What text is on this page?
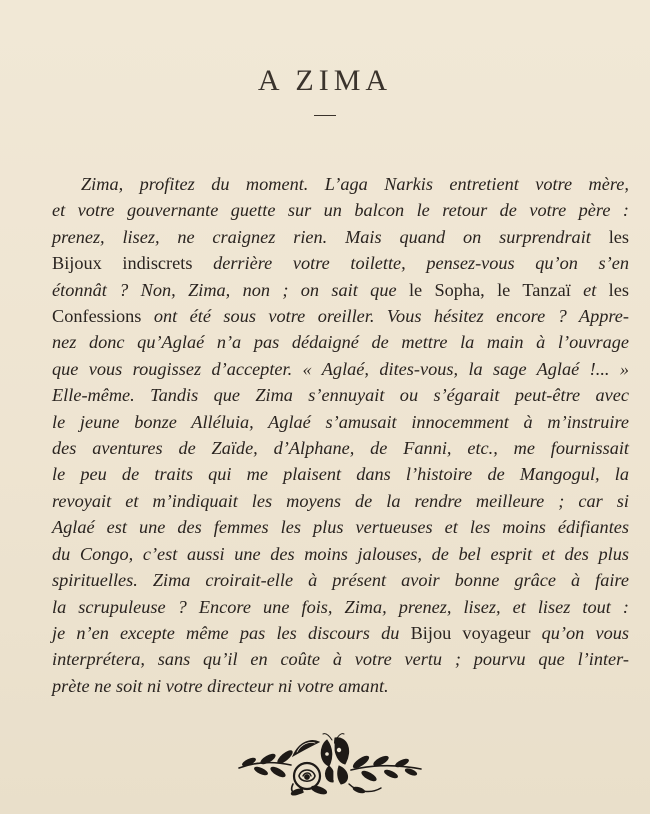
A ZIMA
Zima, profitez du moment. L’aga Narkis entretient votre mère,
et votre gouvernante guette sur un balcon le retour de votre père :
prenez, lisez, ne craignez rien. Mais quand on surprendrait les
Bijoux indiscrets derrière votre toilette, pensez-vous qu’on s’en
étonnât ? Non, Zima, non ; on sait que le Sopha, le Tanzaï et les
Confessions ont été sous votre oreiller. Vous hésitez encore ? Appre-
nez donc qu’Aglaé n’a pas dédaigné de mettre la main à l’ouvrage
que vous rougissez d’accepter. « Aglaé, dites-vous, la sage Aglaé !... »
Elle-même. Tandis que Zima s’ennuyait ou s’égarait peut-être avec
le jeune bonze Alléluia, Aglaé s’amusait innocemment à m’instruire
des aventures de Zaïde, d’Alphane, de Fanni, etc., me fournissait
le peu de traits qui me plaisent dans l’histoire de Mangogul, la
revoyait et m’indiquait les moyens de la rendre meilleure ; car si
Aglaé est une des femmes les plus vertueuses et les moins édifiantes
du Congo, c’est aussi une des moins jalouses, de bel esprit et des plus
spirituelles. Zima croirait-elle à présent avoir bonne grâce à faire
la scrupuleuse ? Encore une fois, Zima, prenez, lisez, et lisez tout :
je n’en excepte même pas les discours du Bijou voyageur qu’on vous
interprétera, sans qu’il en coûte à votre vertu ; pourvu que l’inter-
prète ne soit ni votre directeur ni votre amant.
